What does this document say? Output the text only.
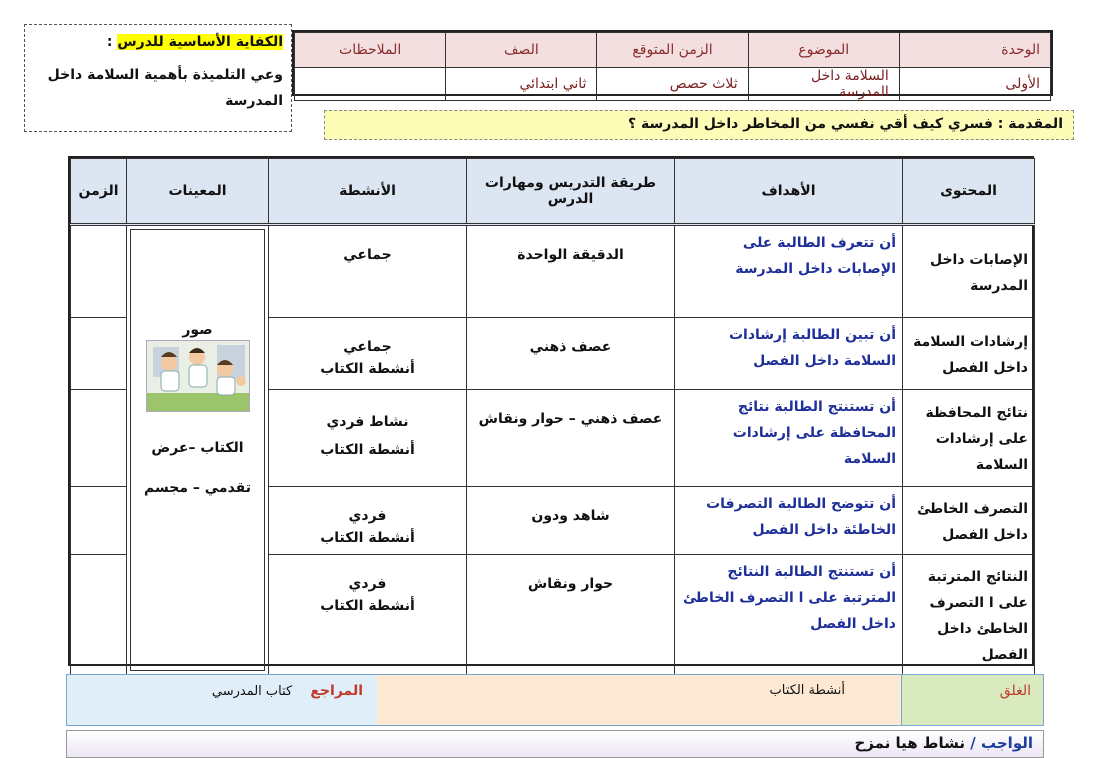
الوحدة	الموضوع	الزمن المتوقع	الصف	الملاحظات
الأولى	السلامة داخل المدرسة	ثلاث حصص	ثاني ابتدائي	
الكفاية الأساسية للدرس :
وعي التلميذة بأهمية السلامة داخل المدرسة
المقدمة : فسري كيف أقي نفسي من المخاطر داخل المدرسة ؟
المحتوى	الأهداف	طريقة التدريس ومهارات الدرس	الأنشطة	المعينات	الزمن
الإصابات داخل المدرسة	أن تتعرف الطالبة على الإصابات داخل المدرسة	الدقيقة الواحدة	جماعي	صور
الكتاب –عرض
تقدمي – مجسم	

إرشادات السلامة داخل الفصل	أن تبين الطالبة إرشادات السلامة داخل الفصل	عصف ذهني	جماعي
أنشطة الكتاب		

نتائج المحافظة على إرشادات السلامة	أن تستنتج الطالبة نتائج المحافظة على إرشادات السلامة	عصف ذهني – حوار ونقاش	نشاط فردي
أنشطة الكتاب		

التصرف الخاطئ داخل الفصل	أن تتوضح الطالبة التصرفات الخاطئة داخل الفصل	شاهد ودون	فردي
أنشطة الكتاب		

النتائج المترتبة على ا التصرف الخاطئ داخل الفصل	أن تستنتج الطالبة النتائج المترتبة على ا التصرف الخاطئ داخل الفصل	حوار ونقاش	فردي
أنشطة الكتاب		

الغلق
أنشطة الكتاب
المراجع كتاب المدرسي
الواجب / نشاط هيا نمزح
